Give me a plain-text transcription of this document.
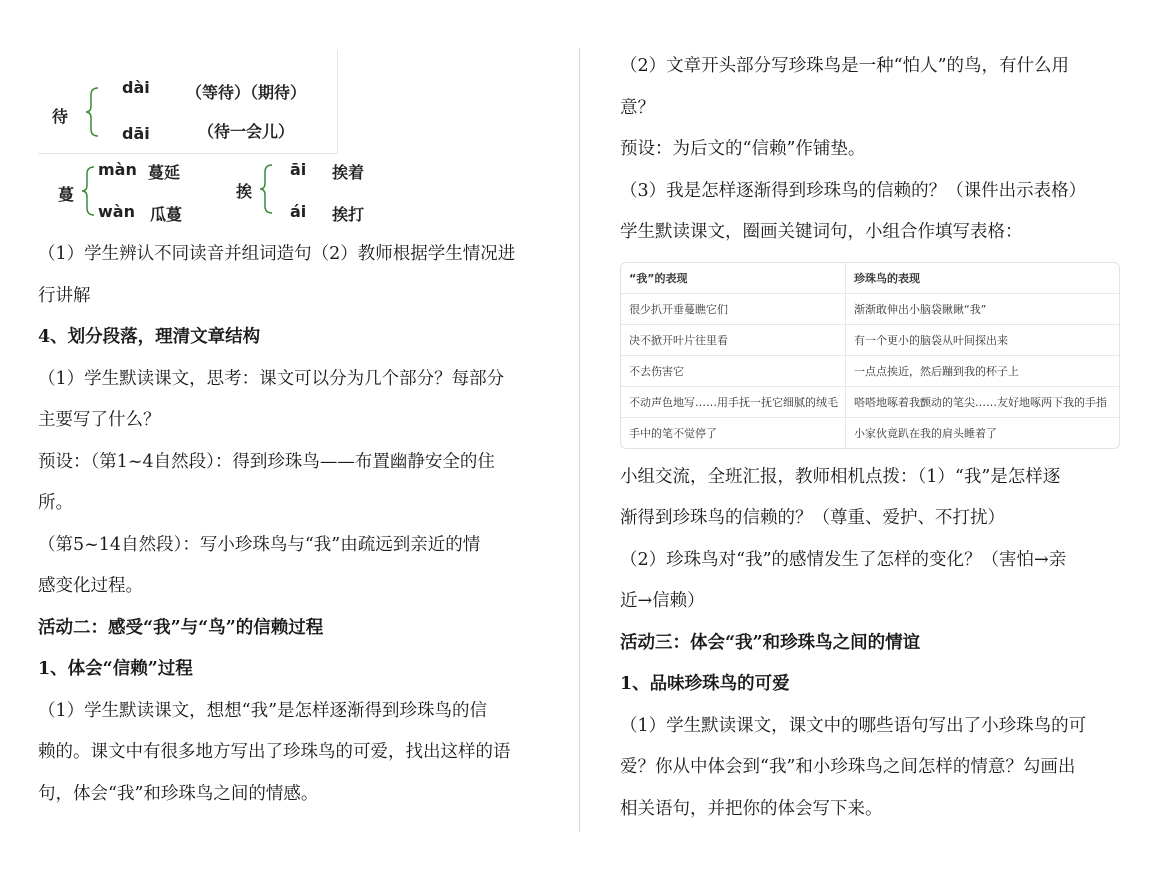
待
dài （等待）（期待）
dāi	（待一会儿）
蔓
màn 蔓延
wàn 瓜蔓
挨
āi 挨着
ái 挨打

（1）学生辨认不同读音并组词造句（2）教师根据学生情况进

行讲解

4、划分段落，理清文章结构

（1）学生默读课文，思考：课文可以分为几个部分？每部分

主要写了什么？

预设：（第1~4自然段）：得到珍珠鸟——布置幽静安全的住

所。

（第5~14自然段）：写小珍珠鸟与“我”由疏远到亲近的情

感变化过程。

活动二：感受“我”与“鸟”的信赖过程

1、体会“信赖”过程

（1）学生默读课文，想想“我”是怎样逐渐得到珍珠鸟的信

赖的。课文中有很多地方写出了珍珠鸟的可爱，找出这样的语

句，体会“我”和珍珠鸟之间的情感。

（2）文章开头部分写珍珠鸟是一种“怕人”的鸟，有什么用

意？

预设：为后文的“信赖”作铺垫。

（3）我是怎样逐渐得到珍珠鸟的信赖的？（课件出示表格）

学生默读课文，圈画关键词句，小组合作填写表格：

“我”的表现	珍珠鸟的表现
很少扒开垂蔓瞧它们	渐渐敢伸出小脑袋瞅瞅“我”
决不掀开叶片往里看	有一个更小的脑袋从叶间探出来
不去伤害它	一点点挨近，然后蹦到我的杯子上
不动声色地写……用手抚一抚它细腻的绒毛	嗒嗒地啄着我颤动的笔尖……友好地啄两下我的手指
手中的笔不觉停了	小家伙竟趴在我的肩头睡着了

小组交流，全班汇报，教师相机点拨：（1）“我”是怎样逐

渐得到珍珠鸟的信赖的？（尊重、爱护、不打扰）

（2）珍珠鸟对“我”的感情发生了怎样的变化？（害怕→亲

近→信赖）

活动三：体会“我”和珍珠鸟之间的情谊

1、品味珍珠鸟的可爱

（1）学生默读课文，课文中的哪些语句写出了小珍珠鸟的可

爱？你从中体会到“我”和小珍珠鸟之间怎样的情意？勾画出

相关语句，并把你的体会写下来。
